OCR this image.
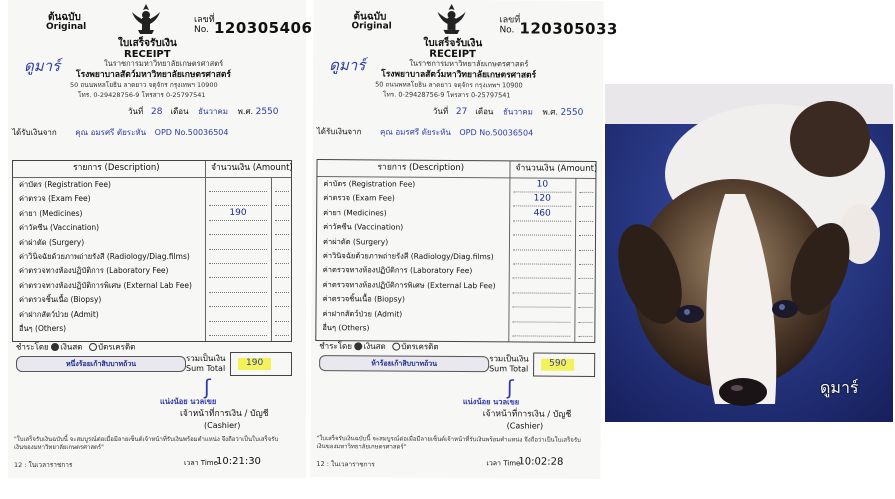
ต้นฉบับ
Original
เลขที่ No. 120305406
ใบเสร็จรับเงิน
RECEIPT
ดูมาร์	ในราชการมหาวิทยาลัยเกษตรศาสตร์
โรงพยาบาลสัตว์มหาวิทยาลัยเกษตรศาสตร์
50 ถนนพหลโยธิน ลาดยาว จตุจักร กรุงเทพฯ 10900
โทร. 0-29428756-9 โทรสาร 0-25797541
วันที่ 28 เดือน ธันวาคม พ.ศ. 2550
ได้รับเงินจาก คุณ อมรศรี ตัยระหัน OPD No.50036504
รายการ (Description)	จำนวนเงิน (Amount)
ค่าบัตร (Registration Fee)
ค่าตรวจ (Exam Fee)
ค่ายา (Medicines)	190
ค่าวัคซีน (Vaccination)
ค่าผ่าตัด (Surgery)
ค่าวินิจฉัยด้วยภาพถ่ายรังสี (Radiology/Diag.films)
ค่าตรวจทางห้องปฏิบัติการ (Laboratory Fee)
ค่าตรวจทางห้องปฏิบัติการพิเศษ (External Lab Fee)
ค่าตรวจชิ้นเนื้อ (Biopsy)
ค่าฝากสัตว์ป่วย (Admit)
อื่นๆ (Others)
ชำระโดย เงินสด บัตรเครดิต
หนึ่งร้อยเก้าสิบบาทถ้วน
รวมเป็นเงิน
Sum Total
190
ʃ
แน่งน้อย นวลเขย
เจ้าหน้าที่การเงิน / บัญชี
(Cashier)
"ใบเสร็จรับเงินฉบับนี้ จะสมบูรณ์ต่อเมื่อมีลายเซ็นต์เจ้าหน้าที่รับเงินพร้อมตำแหน่ง จึงถือว่าเป็นใบเสร็จรับเงินของมหาวิทยาลัยเกษตรศาสตร์"
12 : ในเวลาราชการ	เวลา Time
10:21:30
ต้นฉบับ
Original
เลขที่ No. 120305033
ใบเสร็จรับเงิน
RECEIPT
ดูมาร์	ในราชการมหาวิทยาลัยเกษตรศาสตร์
โรงพยาบาลสัตว์มหาวิทยาลัยเกษตรศาสตร์
50 ถนนพหลโยธิน ลาดยาว จตุจักร กรุงเทพฯ 10900
โทร. 0-29428756-9 โทรสาร 0-25797541
วันที่ 27 เดือน ธันวาคม พ.ศ. 2550
ได้รับเงินจาก คุณ อมรศรี ตัยระหัน OPD No.50036504
รายการ (Description)	จำนวนเงิน (Amount)
ค่าบัตร (Registration Fee)	10
ค่าตรวจ (Exam Fee)	120
ค่ายา (Medicines)	460
ค่าวัคซีน (Vaccination)
ค่าผ่าตัด (Surgery)
ค่าวินิจฉัยด้วยภาพถ่ายรังสี (Radiology/Diag.films)
ค่าตรวจทางห้องปฏิบัติการ (Laboratory Fee)
ค่าตรวจทางห้องปฏิบัติการพิเศษ (External Lab Fee)
ค่าตรวจชิ้นเนื้อ (Biopsy)
ค่าฝากสัตว์ป่วย (Admit)
อื่นๆ (Others)
ชำระโดย เงินสด บัตรเครดิต
ห้าร้อยเก้าสิบบาทถ้วน
รวมเป็นเงิน
Sum Total
590
ʃ
แน่งน้อย นวลเขย
เจ้าหน้าที่การเงิน / บัญชี
(Cashier)
"ใบเสร็จรับเงินฉบับนี้ จะสมบูรณ์ต่อเมื่อมีลายเซ็นต์เจ้าหน้าที่รับเงินพร้อมตำแหน่ง จึงถือว่าเป็นใบเสร็จรับเงินของมหาวิทยาลัยเกษตรศาสตร์"
12 : ในเวลาราชการ	เวลา Time
10:02:28
ดูมาร์
